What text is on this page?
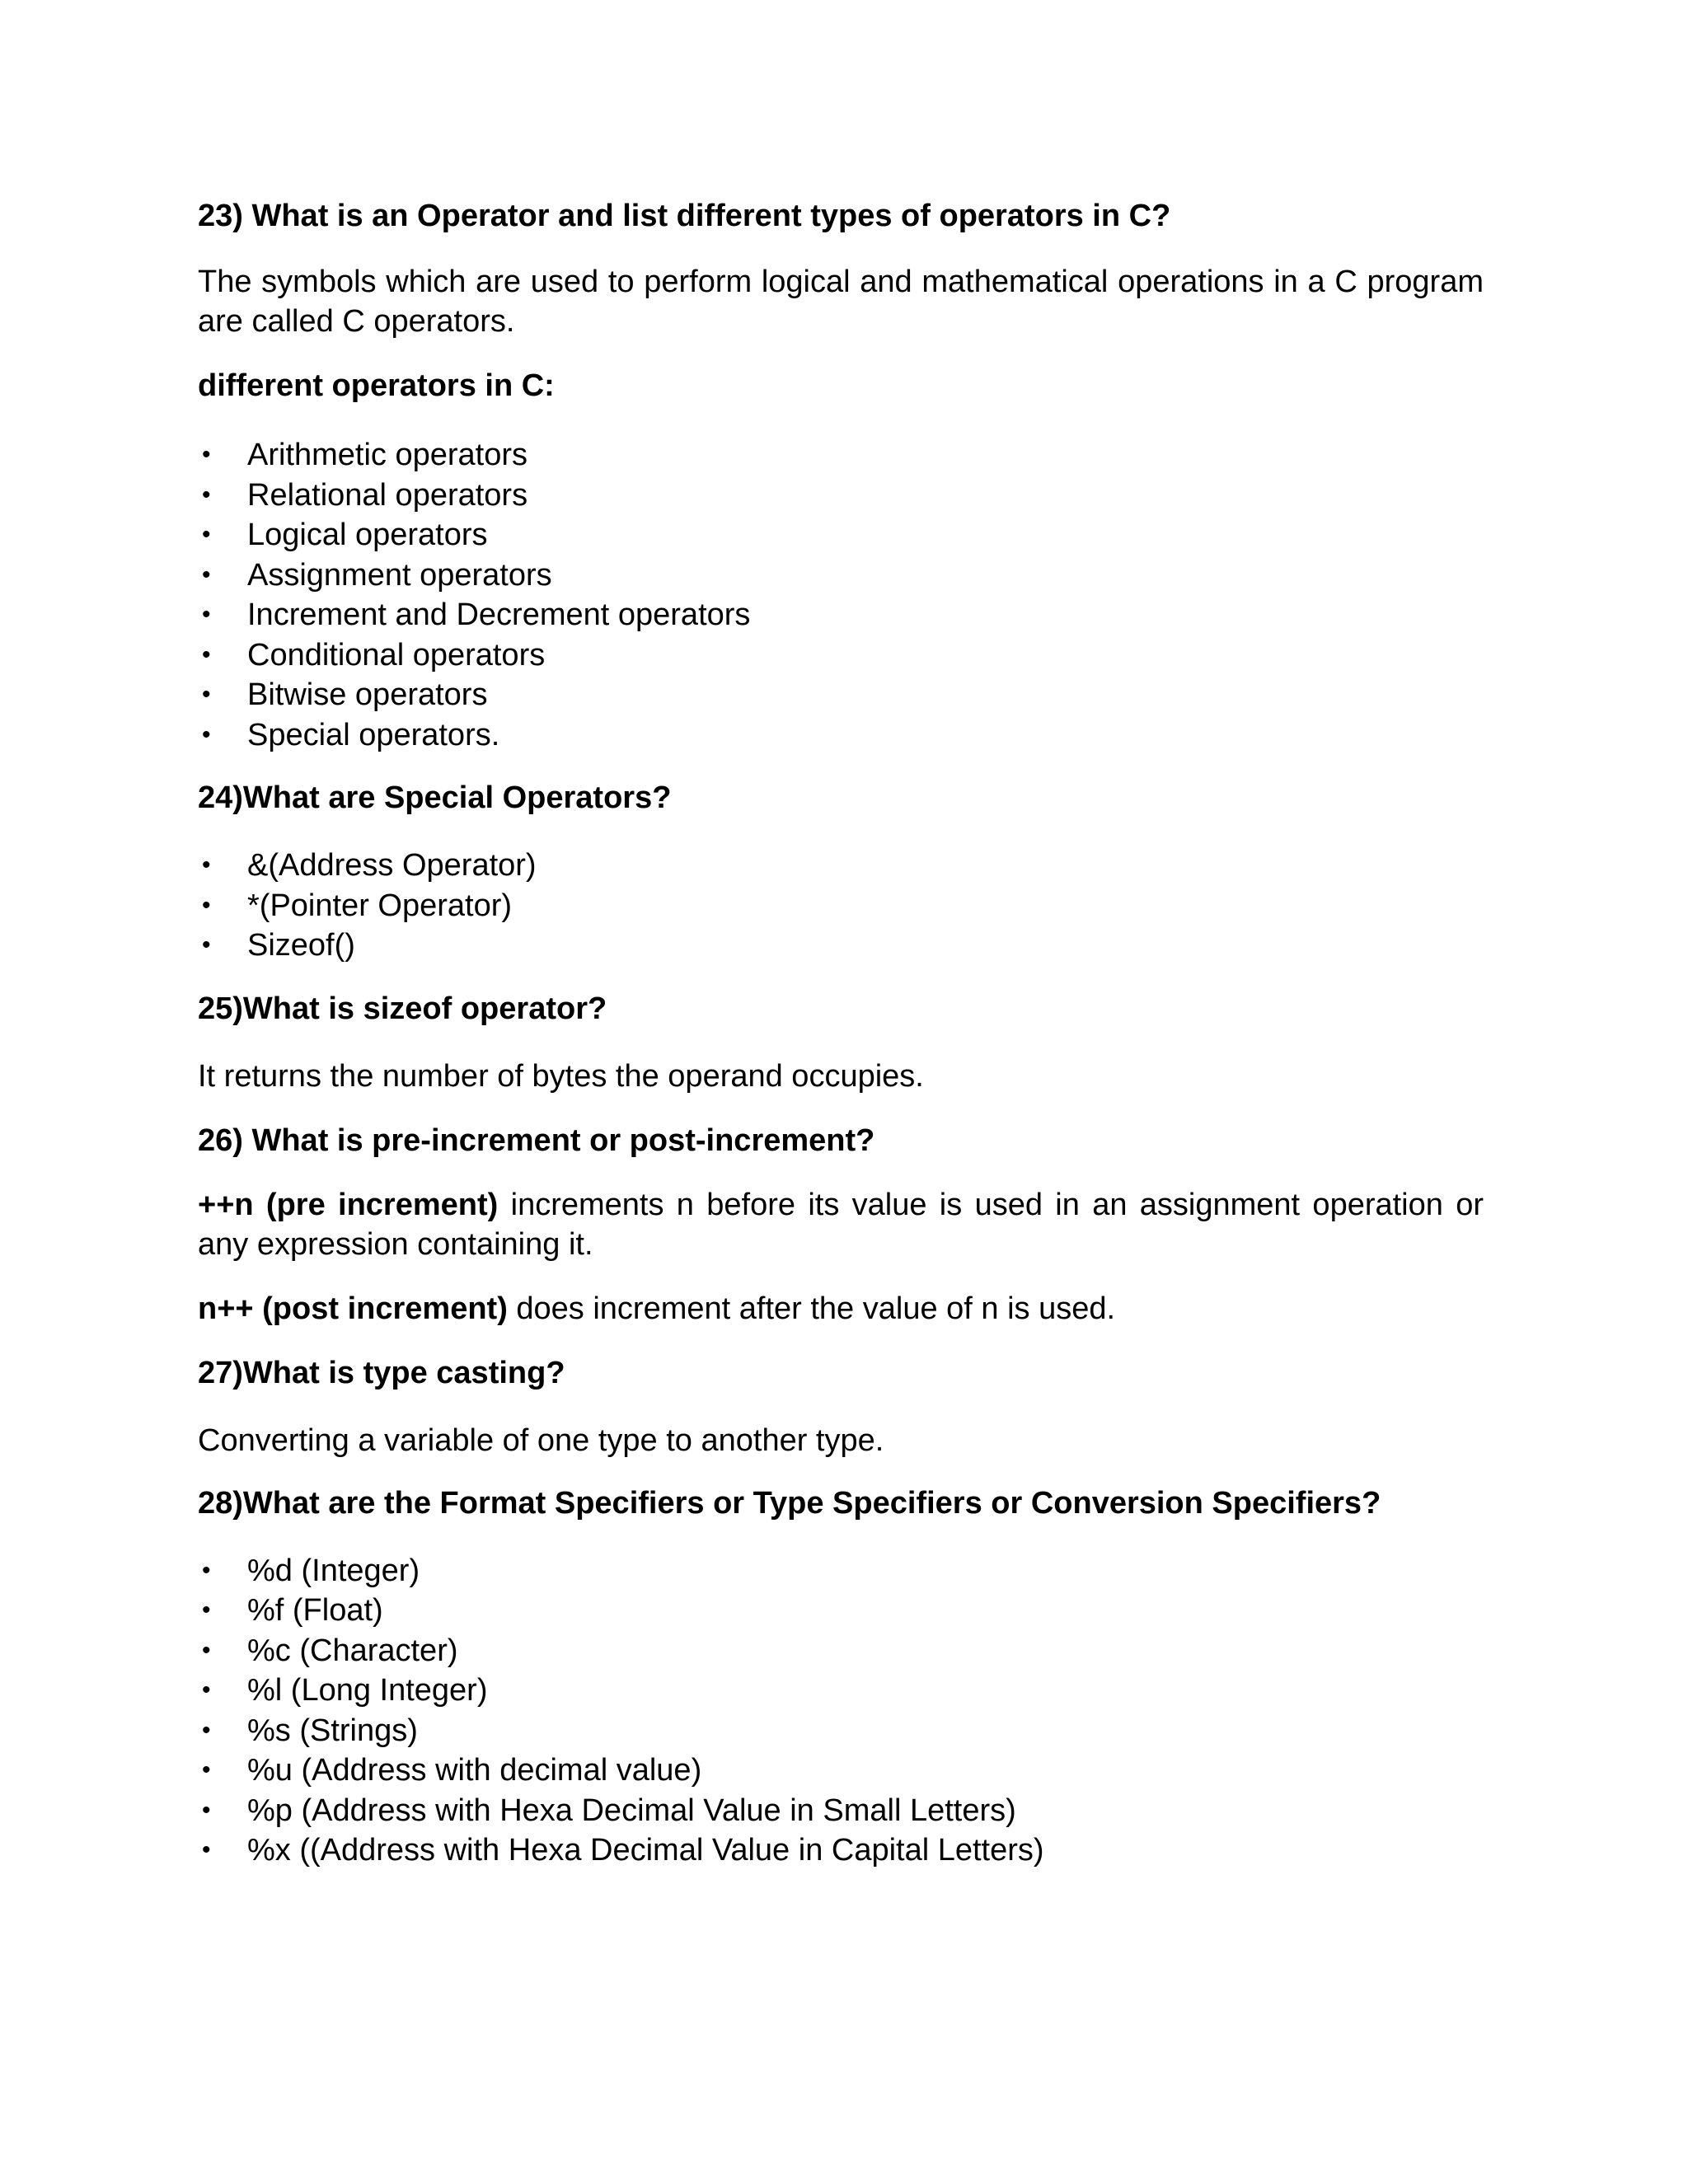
23) What is an Operator and list different types of operators in C?

The symbols which are used to perform logical and mathematical operations in a C program are called C operators.

different operators in C:

• Arithmetic operators
• Relational operators
• Logical operators
• Assignment operators
• Increment and Decrement operators
• Conditional operators
• Bitwise operators
• Special operators.

24)What are Special Operators?

• &(Address Operator)
• *(Pointer Operator)
• Sizeof()

25)What is sizeof operator?

It returns the number of bytes the operand occupies.

26) What is pre-increment or post-increment?

++n (pre increment) increments n before its value is used in an assignment operation or any expression containing it.

n++ (post increment) does increment after the value of n is used.

27)What is type casting?

Converting a variable of one type to another type.

28)What are the Format Specifiers or Type Specifiers or Conversion Specifiers?

• %d (Integer)
• %f (Float)
• %c (Character)
• %l (Long Integer)
• %s (Strings)
• %u (Address with decimal value)
• %p (Address with Hexa Decimal Value in Small Letters)
• %x ((Address with Hexa Decimal Value in Capital Letters)
